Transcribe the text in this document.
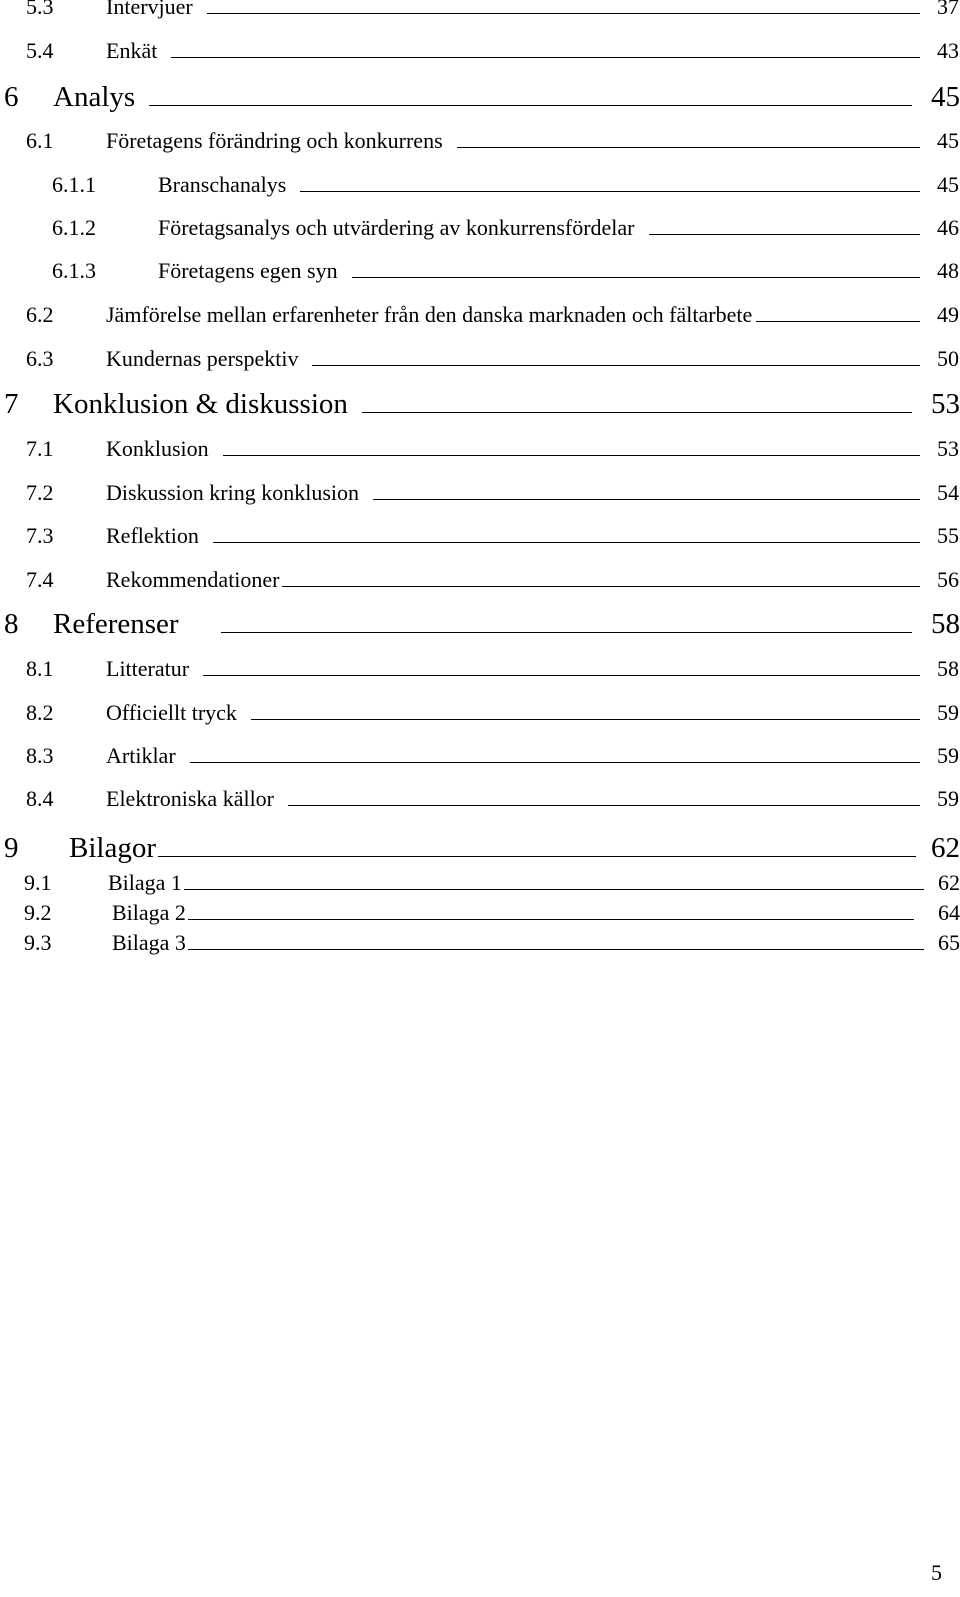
5.3 Intervjuer	37
5.4 Enkät	43
6 Analys	45
6.1 Företagens förändring och konkurrens	45
6.1.1	Branschanalys	45
6.1.2	Företagsanalys och utvärdering av konkurrensfördelar	46
6.1.3	Företagens egen syn	48
6.2 Jämförelse mellan erfarenheter från den danska marknaden och fältarbete	49
6.3 Kundernas perspektiv	50
7 Konklusion & diskussion	53
7.1 Konklusion	53
7.2 Diskussion kring konklusion	54
7.3 Reflektion	55
7.4 Rekommendationer	56
8 Referenser	58
8.1 Litteratur	58
8.2 Officiellt tryck	59
8.3 Artiklar	59
8.4 Elektroniska källor	59
9 Bilagor	62
9.1	Bilaga 1	62
9.2	Bilaga 2	64
9.3	Bilaga 3	65
5
